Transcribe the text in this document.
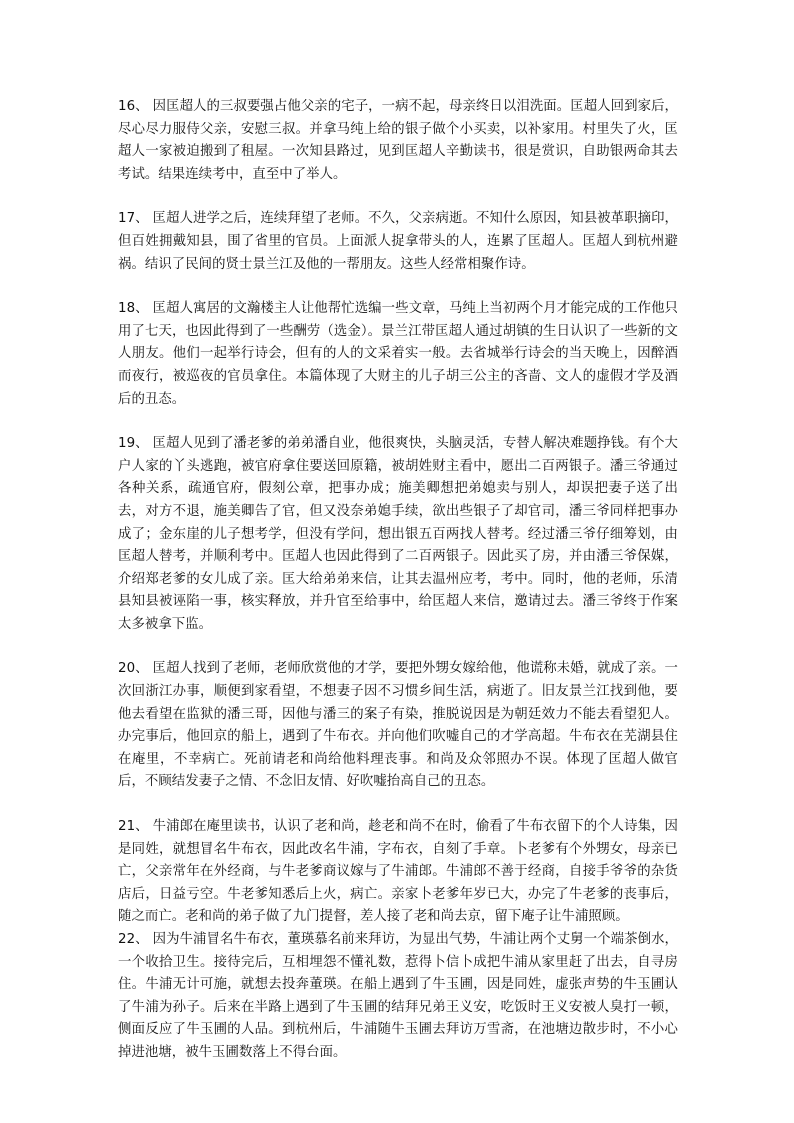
16、 因匡超人的三叔要强占他父亲的宅子，一病不起，母亲终日以泪洗面。匡超人回到家后，尽心尽力服侍父亲，安慰三叔。并拿马纯上给的银子做个小买卖，以补家用。村里失了火，匡超人一家被迫搬到了租屋。一次知县路过，见到匡超人辛勤读书，很是赏识，自助银两命其去考试。结果连续考中，直至中了举人。

17、 匡超人进学之后，连续拜望了老师。不久，父亲病逝。不知什么原因，知县被革职摘印，但百姓拥戴知县，围了省里的官员。上面派人捉拿带头的人，连累了匡超人。匡超人到杭州避祸。结识了民间的贤士景兰江及他的一帮朋友。这些人经常相聚作诗。

18、 匡超人寓居的文瀚楼主人让他帮忙选编一些文章，马纯上当初两个月才能完成的工作他只用了七天，也因此得到了一些酬劳（选金）。景兰江带匡超人通过胡镇的生日认识了一些新的文人朋友。他们一起举行诗会，但有的人的文采着实一般。去省城举行诗会的当天晚上，因醉酒而夜行，被巡夜的官员拿住。本篇体现了大财主的儿子胡三公主的吝啬、文人的虚假才学及酒后的丑态。

19、 匡超人见到了潘老爹的弟弟潘自业，他很爽快，头脑灵活，专替人解决难题挣钱。有个大户人家的丫头逃跑，被官府拿住要送回原籍，被胡姓财主看中，愿出二百两银子。潘三爷通过各种关系，疏通官府，假刻公章，把事办成；施美卿想把弟媳卖与别人，却误把妻子送了出去，对方不退，施美卿告了官，但又没奈弟媳手续，欲出些银子了却官司，潘三爷同样把事办成了；金东崖的儿子想考学，但没有学问，想出银五百两找人替考。经过潘三爷仔细筹划，由匡超人替考，并顺利考中。匡超人也因此得到了二百两银子。因此买了房，并由潘三爷保媒，介绍郑老爹的女儿成了亲。匡大给弟弟来信，让其去温州应考，考中。同时，他的老师，乐清县知县被诬陷一事，核实释放，并升官至给事中，给匡超人来信，邀请过去。潘三爷终于作案太多被拿下监。

20、 匡超人找到了老师，老师欣赏他的才学，要把外甥女嫁给他，他谎称未婚，就成了亲。一次回浙江办事，顺便到家看望，不想妻子因不习惯乡间生活，病逝了。旧友景兰江找到他，要他去看望在监狱的潘三哥，因他与潘三的案子有染，推脱说因是为朝廷效力不能去看望犯人。办完事后，他回京的船上，遇到了牛布衣。并向他们吹嘘自己的才学高超。牛布衣在芜湖县住在庵里，不幸病亡。死前请老和尚给他料理丧事。和尚及众邻照办不误。体现了匡超人做官后，不顾结发妻子之情、不念旧友情、好吹嘘抬高自己的丑态。

21、 牛浦郎在庵里读书，认识了老和尚，趁老和尚不在时，偷看了牛布衣留下的个人诗集，因是同姓，就想冒名牛布衣，因此改名牛浦，字布衣，自刻了手章。卜老爹有个外甥女，母亲已亡，父亲常年在外经商，与牛老爹商议嫁与了牛浦郎。牛浦郎不善于经商，自接手爷爷的杂货店后，日益亏空。牛老爹知悉后上火，病亡。亲家卜老爹年岁已大，办完了牛老爹的丧事后，随之而亡。老和尚的弟子做了九门提督，差人接了老和尚去京，留下庵子让牛浦照顾。

22、 因为牛浦冒名牛布衣，董瑛慕名前来拜访，为显出气势，牛浦让两个丈舅一个端茶倒水，一个收拾卫生。接待完后，互相埋怨不懂礼数，惹得卜信卜成把牛浦从家里赶了出去，自寻房住。牛浦无计可施，就想去投奔董瑛。在船上遇到了牛玉圃，因是同姓，虚张声势的牛玉圃认了牛浦为孙子。后来在半路上遇到了牛玉圃的结拜兄弟王义安，吃饭时王义安被人臭打一顿，侧面反应了牛玉圃的人品。到杭州后，牛浦随牛玉圃去拜访万雪斋，在池塘边散步时，不小心掉进池塘，被牛玉圃数落上不得台面。
